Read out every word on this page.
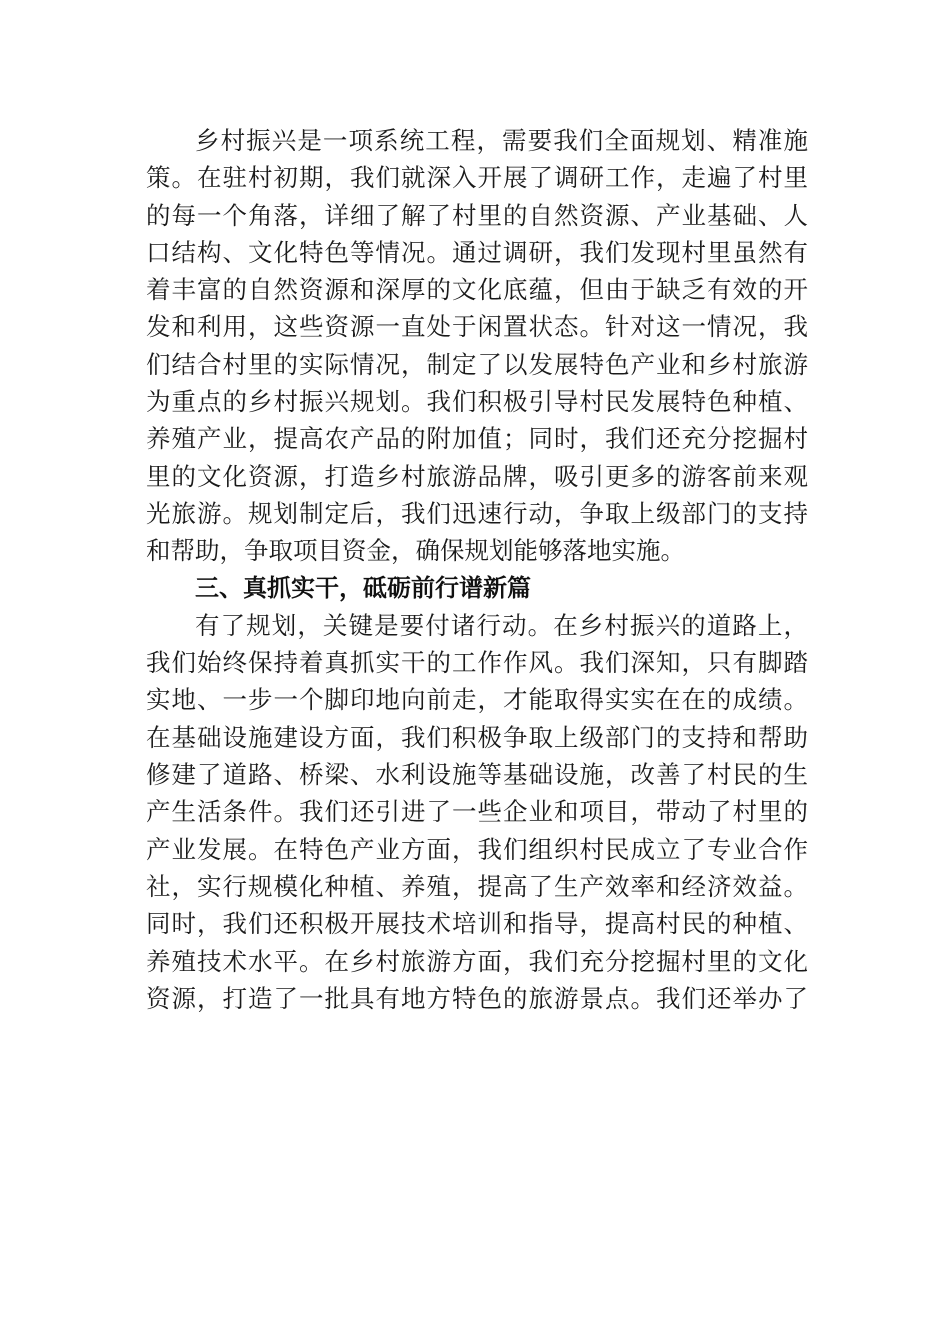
乡村振兴是一项系统工程，需要我们全面规划、精准施
策。在驻村初期，我们就深入开展了调研工作，走遍了村里
的每一个角落，详细了解了村里的自然资源、产业基础、人
口结构、文化特色等情况。通过调研，我们发现村里虽然有
着丰富的自然资源和深厚的文化底蕴，但由于缺乏有效的开
发和利用，这些资源一直处于闲置状态。针对这一情况，我
们结合村里的实际情况，制定了以发展特色产业和乡村旅游
为重点的乡村振兴规划。我们积极引导村民发展特色种植、
养殖产业，提高农产品的附加值；同时，我们还充分挖掘村
里的文化资源，打造乡村旅游品牌，吸引更多的游客前来观
光旅游。规划制定后，我们迅速行动，争取上级部门的支持
和帮助，争取项目资金，确保规划能够落地实施。
三、真抓实干，砥砺前行谱新篇
有了规划，关键是要付诸行动。在乡村振兴的道路上，
我们始终保持着真抓实干的工作作风。我们深知，只有脚踏
实地、一步一个脚印地向前走，才能取得实实在在的成绩。
在基础设施建设方面，我们积极争取上级部门的支持和帮助
修建了道路、桥梁、水利设施等基础设施，改善了村民的生
产生活条件。我们还引进了一些企业和项目，带动了村里的
产业发展。在特色产业方面，我们组织村民成立了专业合作
社，实行规模化种植、养殖，提高了生产效率和经济效益。
同时，我们还积极开展技术培训和指导，提高村民的种植、
养殖技术水平。在乡村旅游方面，我们充分挖掘村里的文化
资源，打造了一批具有地方特色的旅游景点。我们还举办了
